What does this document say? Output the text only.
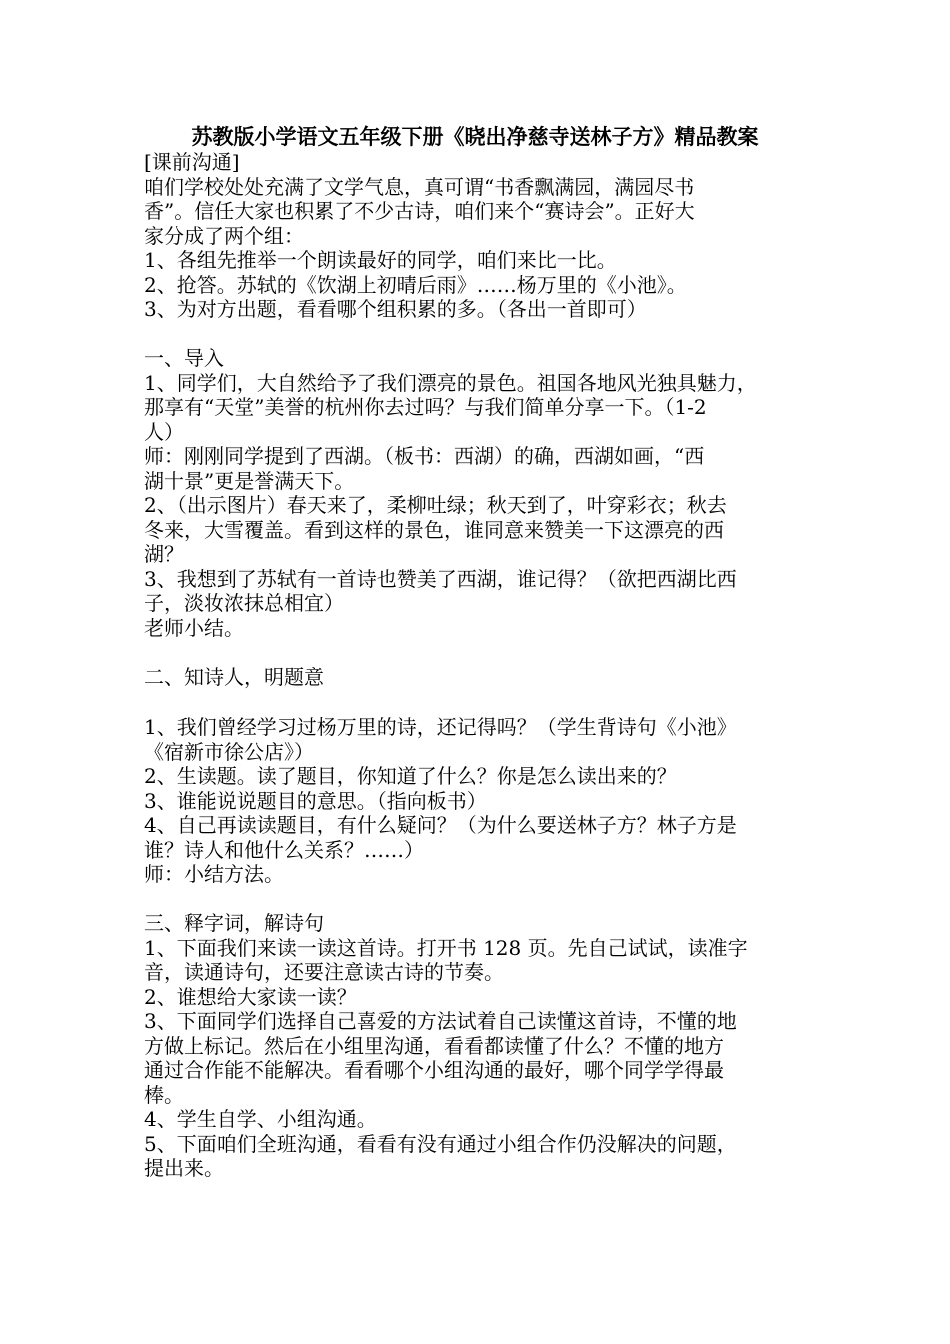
苏教版小学语文五年级下册《晓出净慈寺送林子方》精品教案
[课前沟通]
咱们学校处处充满了文学气息，真可谓“书香飘满园，满园尽书
香”。信任大家也积累了不少古诗，咱们来个“赛诗会”。正好大
家分成了两个组：
1、各组先推举一个朗读最好的同学，咱们来比一比。
2、抢答。苏轼的《饮湖上初晴后雨》……杨万里的《小池》。
3、为对方出题，看看哪个组积累的多。（各出一首即可）
一、导入
1、同学们，大自然给予了我们漂亮的景色。祖国各地风光独具魅力，
那享有“天堂”美誉的杭州你去过吗？与我们简单分享一下。（1-2
人）
师：刚刚同学提到了西湖。（板书：西湖）的确，西湖如画，“西
湖十景”更是誉满天下。
2、（出示图片）春天来了，柔柳吐绿；秋天到了，叶穿彩衣；秋去
冬来，大雪覆盖。看到这样的景色，谁同意来赞美一下这漂亮的西
湖？
3、我想到了苏轼有一首诗也赞美了西湖，谁记得？（欲把西湖比西
子，淡妆浓抹总相宜）
老师小结。
二、知诗人，明题意
1、我们曾经学习过杨万里的诗，还记得吗？（学生背诗句《小池》
《宿新市徐公店》）
2、生读题。读了题目，你知道了什么？你是怎么读出来的？
3、谁能说说题目的意思。（指向板书）
4、自己再读读题目，有什么疑问？（为什么要送林子方？林子方是
谁？诗人和他什么关系？……）
师：小结方法。
三、释字词，解诗句
1、下面我们来读一读这首诗。打开书 128 页。先自己试试，读准字
音，读通诗句，还要注意读古诗的节奏。
2、谁想给大家读一读？
3、下面同学们选择自己喜爱的方法试着自己读懂这首诗，不懂的地
方做上标记。然后在小组里沟通，看看都读懂了什么？不懂的地方
通过合作能不能解决。看看哪个小组沟通的最好，哪个同学学得最
棒。
4、学生自学、小组沟通。
5、下面咱们全班沟通，看看有没有通过小组合作仍没解决的问题，
提出来。
